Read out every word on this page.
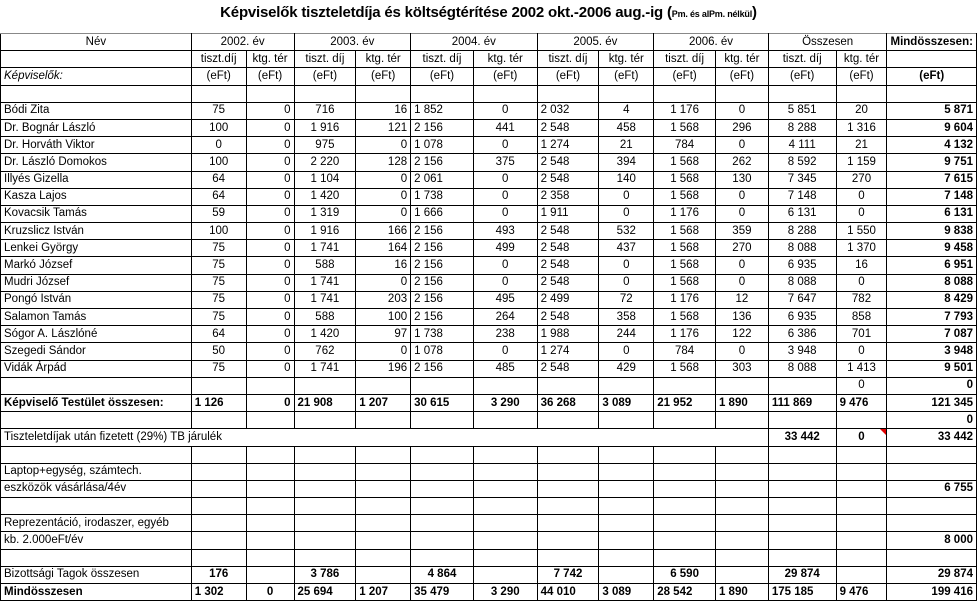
Képviselők tiszteletdíja és költségtérítése 2002 okt.-2006 aug.-ig (Pm. és alPm. nélkül)
Név	2002. év		2003. év		2004. év		2005. év		2006. év		Összesen		Mindösszesen:
	tiszt.díj	ktg. tér	tiszt. díj	ktg. tér	tiszt. díj	ktg. tér	tiszt. díj	ktg. tér	tiszt. díj	ktg. tér	tiszt. díj	ktg. tér	
Képviselők:	(eFt)	(eFt)	(eFt)	(eFt)	(eFt)	(eFt)	(eFt)	(eFt)	(eFt)	(eFt)	(eFt)	(eFt)	(eFt)

Bódi Zita	75	0	716	16	1 852	0	2 032	4	1 176	0	5 851	20	5 871
Dr. Bognár László	100	0	1 916	121	2 156	441	2 548	458	1 568	296	8 288	1 316	9 604
Dr. Horváth Viktor	0	0	975	0	1 078	0	1 274	21	784	0	4 111	21	4 132
Dr. László Domokos	100	0	2 220	128	2 156	375	2 548	394	1 568	262	8 592	1 159	9 751
Illyés Gizella	64	0	1 104	0	2 061	0	2 548	140	1 568	130	7 345	270	7 615
Kasza Lajos	64	0	1 420	0	1 738	0	2 358	0	1 568	0	7 148	0	7 148
Kovacsik Tamás	59	0	1 319	0	1 666	0	1 911	0	1 176	0	6 131	0	6 131
Kruzslicz István	100	0	1 916	166	2 156	493	2 548	532	1 568	359	8 288	1 550	9 838
Lenkei György	75	0	1 741	164	2 156	499	2 548	437	1 568	270	8 088	1 370	9 458
Markó József	75	0	588	16	2 156	0	2 548	0	1 568	0	6 935	16	6 951
Mudri József	75	0	1 741	0	2 156	0	2 548	0	1 568	0	8 088	0	8 088
Pongó István	75	0	1 741	203	2 156	495	2 499	72	1 176	12	7 647	782	8 429
Salamon Tamás	75	0	588	100	2 156	264	2 548	358	1 568	136	6 935	858	7 793
Sógor A. Lászlóné	64	0	1 420	97	1 738	238	1 988	244	1 176	122	6 386	701	7 087
Szegedi Sándor	50	0	762	0	1 078	0	1 274	0	784	0	3 948	0	3 948
Vidák Árpád	75	0	1 741	196	2 156	485	2 548	429	1 568	303	8 088	1 413	9 501
												0	0
Képviselő Testület összesen:	1 126	0	21 908	1 207	30 615	3 290	36 268	3 089	21 952	1 890	111 869	9 476	121 345
													0
Tiszteletdíjak után fizetett (29%) TB járulék											33 442	0	33 442

Laptop+egység, számtech.													
eszközök vásárlása/4év													6 755

Reprezentáció, irodaszer, egyéb													
kb. 2.000eFt/év													8 000

Bizottsági Tagok összesen	176		3 786		4 864		7 742		6 590		29 874		29 874
Mindösszesen	1 302	0	25 694	1 207	35 479	3 290	44 010	3 089	28 542	1 890	175 185	9 476	199 416
